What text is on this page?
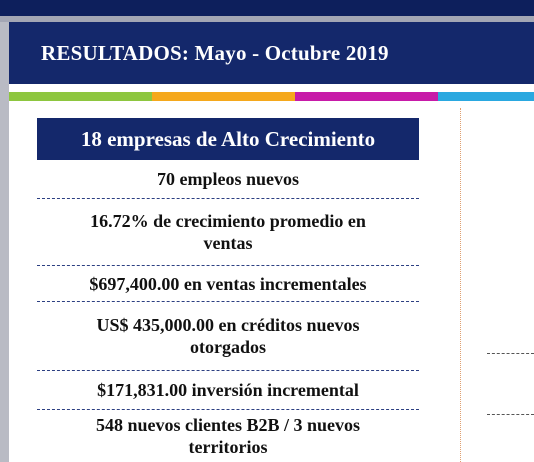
RESULTADOS: Mayo - Octubre 2019
18 empresas de Alto Crecimiento
70 empleos nuevos
16.72% de crecimiento promedio en ventas
$697,400.00 en ventas incrementales
US$ 435,000.00 en créditos nuevos otorgados
$171,831.00 inversión incremental
548 nuevos clientes B2B / 3 nuevos territorios
